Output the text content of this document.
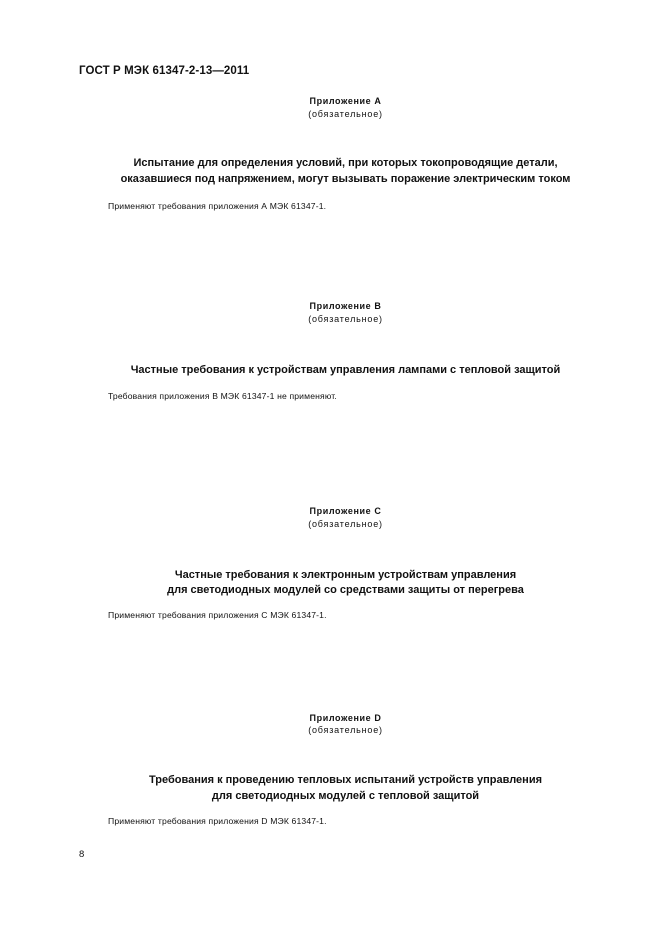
ГОСТ Р МЭК 61347-2-13—2011
Приложение А
(обязательное)
Испытание для определения условий, при которых токопроводящие детали,
оказавшиеся под напряжением, могут вызывать поражение электрическим током
Применяют требования приложения А МЭК 61347-1.
Приложение В
(обязательное)
Частные требования к устройствам управления лампами с тепловой защитой
Требования приложения В МЭК 61347-1 не применяют.
Приложение С
(обязательное)
Частные требования к электронным устройствам управления
для светодиодных модулей со средствами защиты от перегрева
Применяют требования приложения С МЭК 61347-1.
Приложение D
(обязательное)
Требования к проведению тепловых испытаний устройств управления
для светодиодных модулей с тепловой защитой
Применяют требования приложения D МЭК 61347-1.
8
